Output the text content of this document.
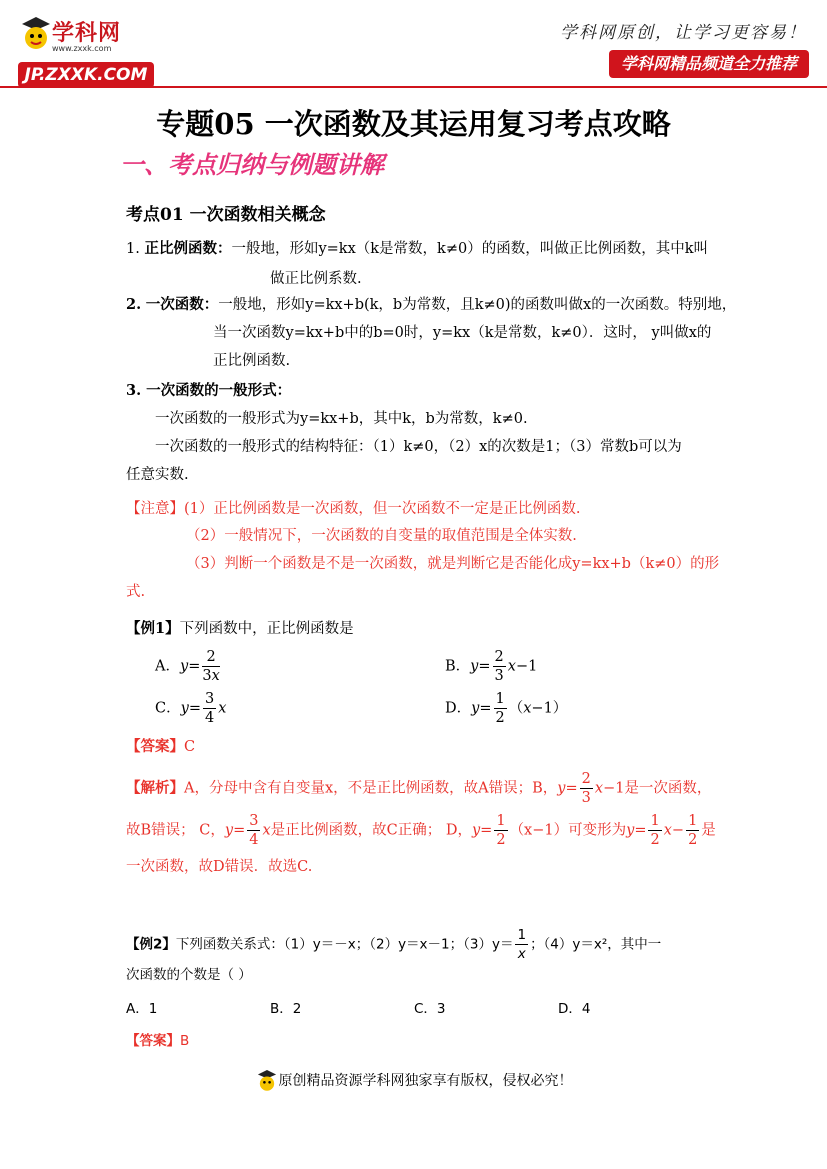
学科网
www.zxxk.com
JP.ZXXK.COM
学科网原创，让学习更容易！
学科网精品频道全力推荐
专题05 一次函数及其运用复习考点攻略
一、考点归纳与例题讲解
考点01 一次函数相关概念
1. 正比例函数：一般地，形如y=kx（k是常数，k≠0）的函数，叫做正比例函数，其中k叫
做正比例系数.
2. 一次函数：一般地，形如y=kx+b(k，b为常数，且k≠0)的函数叫做x的一次函数。特别地，
当一次函数y=kx+b中的b=0时，y=kx（k是常数，k≠0）．这时， y叫做x的
正比例函数.
3. 一次函数的一般形式：
一次函数的一般形式为y=kx+b，其中k，b为常数，k≠0.
一次函数的一般形式的结构特征：（1）k≠0，（2）x的次数是1；（3）常数b可以为
任意实数.
【注意】(1）正比例函数是一次函数，但一次函数不一定是正比例函数.
（2）一般情况下，一次函数的自变量的取值范围是全体实数.
（3）判断一个函数是不是一次函数，就是判断它是否能化成y=kx+b（k≠0）的形
式.
【例1】下列函数中，正比例函数是
A．$y= \frac{2}{3x}$	B．$y= \frac{2}{3} x-1$
C．$y= \frac{3}{4}$ x	D．$y= \frac{1}{2} (x-1)$
【答案】C
【解析】A，分母中含有自变量x，不是正比例函数，故A错误；B，$y= \frac{2}{3} x-1$是一次函数，
故B错误； C，$y= \frac{3}{4}$ x是正比例函数，故C正确； D，$y= \frac{1}{2} (x-1)$可变形为$y= \frac{1}{2} x- \frac{1}{2}$ 是
一次函数，故D错误．故选C.
【例2】下列函数关系式：（1）y＝－x；（2）y＝x－1；$(3)y= \frac{1}{x}$ ；（4）y＝x²，其中一
次函数的个数是（ ）
A．1	B．2	C．3	D．4
【答案】B
原创精品资源学科网独家享有版权，侵权必究！
